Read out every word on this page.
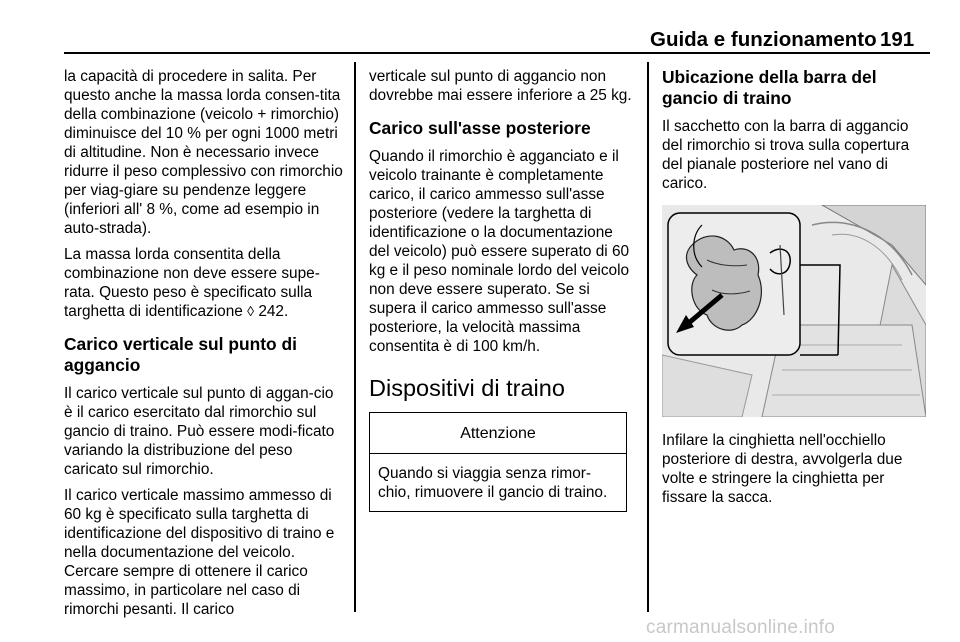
Guida e funzionamento 191

la capacità di procedere in salita. Per questo anche la massa lorda consen-tita della combinazione (veicolo + rimorchio) diminuisce del 10 % per ogni 1000 metri di altitudine. Non è necessario invece ridurre il peso complessivo con rimorchio per viag-giare su pendenze leggere (inferiori all' 8 %, come ad esempio in auto-strada).

La massa lorda consentita della combinazione non deve essere supe-rata. Questo peso è specificato sulla targhetta di identificazione ◊ 242.

Carico verticale sul punto di aggancio

Il carico verticale sul punto di aggan-cio è il carico esercitato dal rimorchio sul gancio di traino. Può essere modi-ficato variando la distribuzione del peso caricato sul rimorchio.

Il carico verticale massimo ammesso di 60 kg è specificato sulla targhetta di identificazione del dispositivo di traino e nella documentazione del veicolo. Cercare sempre di ottenere il carico massimo, in particolare nel caso di rimorchi pesanti. Il carico

verticale sul punto di aggancio non dovrebbe mai essere inferiore a 25 kg.

Carico sull'asse posteriore

Quando il rimorchio è agganciato e il veicolo trainante è completamente carico, il carico ammesso sull'asse posteriore (vedere la targhetta di identificazione o la documentazione del veicolo) può essere superato di 60 kg e il peso nominale lordo del veicolo non deve essere superato. Se si supera il carico ammesso sull'asse posteriore, la velocità massima consentita è di 100 km/h.

Dispositivi di traino
Attenzione
Quando si viaggia senza rimor-chio, rimuovere il gancio di traino.
Ubicazione della barra del gancio di traino

Il sacchetto con la barra di aggancio del rimorchio si trova sulla copertura del pianale posteriore nel vano di carico.

Infilare la cinghietta nell'occhiello posteriore di destra, avvolgerla due volte e stringere la cinghietta per fissare la sacca.

carmanualsonline.info
